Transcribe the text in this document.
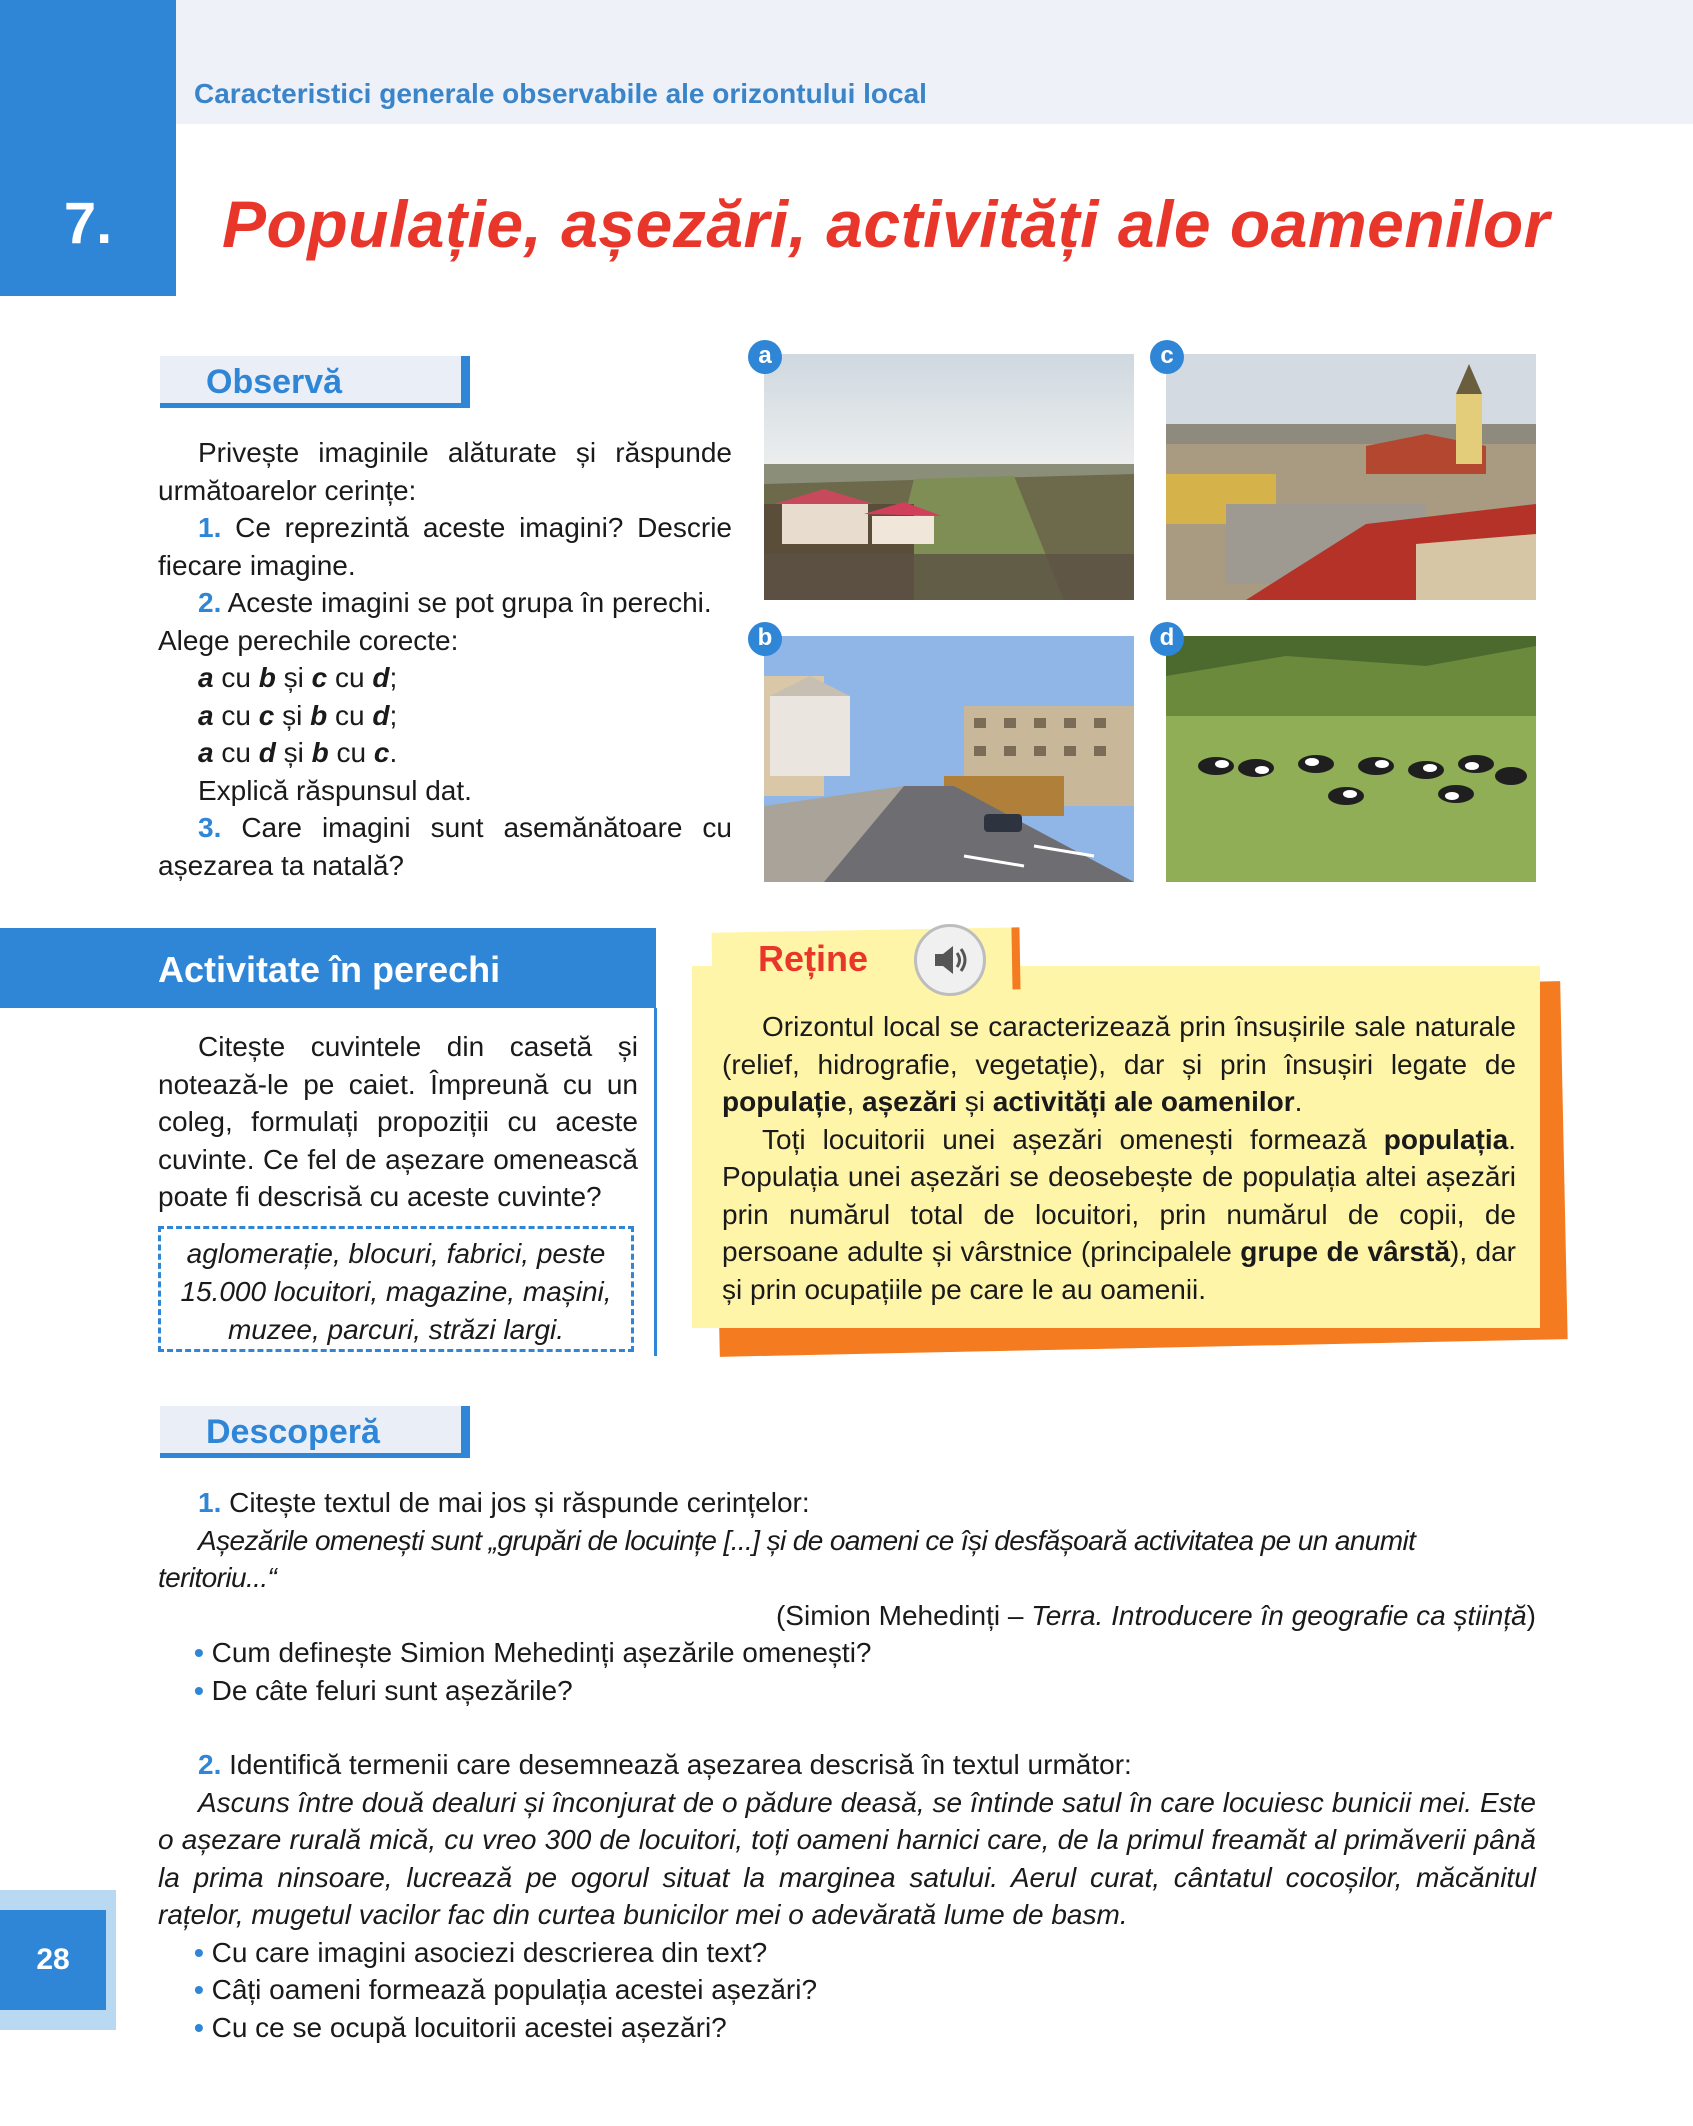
7.
Caracteristici generale observabile ale orizontului local
Populație, așezări, activități ale oamenilor
Observă

Privește imaginile alăturate și răspunde următoarelor cerințe:

1. Ce reprezintă aceste imagini? Descrie fiecare imagine.

2. Aceste imagini se pot grupa în perechi. Alege perechile corecte:

a cu b și c cu d;

a cu c și b cu d;

a cu d și b cu c.

Explică răspunsul dat.

3. Care imagini sunt asemănătoare cu așezarea ta natală?

a
b
c
d
Activitate în perechi

Citește cuvintele din casetă și notează-le pe caiet. Împreună cu un coleg, formulați propoziții cu aceste cuvinte. Ce fel de așezare omenească poate fi descrisă cu aceste cuvinte?

aglomerație, blocuri, fabrici, peste 15.000 locuitori, magazine, mașini, muzee, parcuri, străzi largi.
Reține

Orizontul local se caracterizează prin însușirile sale naturale (relief, hidrografie, vegetație), dar și prin însușiri legate de populație, așezări și activități ale oamenilor.

Toți locuitorii unei așezări omenești formează populația. Populația unei așezări se deosebește de populația altei așezări prin numărul total de locuitori, prin numărul de copii, de persoane adulte și vârstnice (principalele grupe de vârstă), dar și prin ocupațiile pe care le au oamenii.

Descoperă

1. Citește textul de mai jos și răspunde cerințelor:

Așezările omenești sunt „grupări de locuințe [...] și de oameni ce își desfășoară activitatea pe un anumit teritoriu...“

(Simion Mehedinți – Terra. Introducere în geografie ca știință)

• Cum definește Simion Mehedinți așezările omenești?

• De câte feluri sunt așezările?

2. Identifică termenii care desemnează așezarea descrisă în textul următor:

Ascuns între două dealuri și înconjurat de o pădure deasă, se întinde satul în care locuiesc bunicii mei. Este o așezare rurală mică, cu vreo 300 de locuitori, toți oameni harnici care, de la primul freamăt al primăverii până la prima ninsoare, lucrează pe ogorul situat la marginea satului. Aerul curat, cântatul cocoșilor, măcănitul rațelor, mugetul vacilor fac din curtea bunicilor mei o adevărată lume de basm.

• Cu care imagini asociezi descrierea din text?

• Câți oameni formează populația acestei așezări?

• Cu ce se ocupă locuitorii acestei așezări?

28
